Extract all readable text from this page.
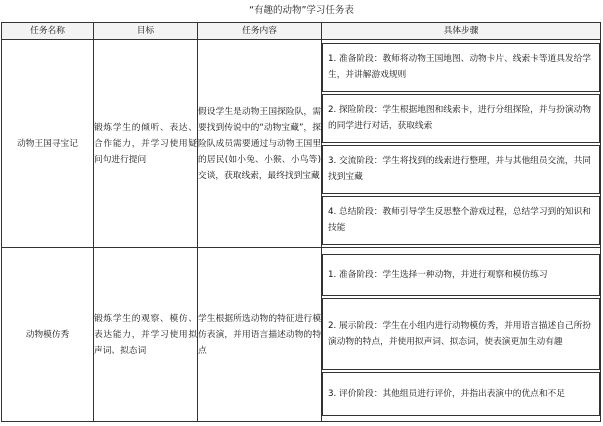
“有趣的动物”学习任务表
任务名称	目标	任务内容	具体步骤
动物王国寻宝记	锻炼学生的倾听、表达、合作能力，并学习使用疑问句进行提问	假设学生是动物王国探险队，需要找到传说中的“动物宝藏”，探险队成员需要通过与动物王国里的居民(如小兔、小猴、小鸟等)交谈，获取线索，最终找到宝藏	1. 准备阶段：教师将动物王国地图、动物卡片、线索卡等道具发给学生，并讲解游戏规则
2. 探险阶段：学生根据地图和线索卡，进行分组探险，并与扮演动物的同学进行对话，获取线索
3. 交流阶段：学生将找到的线索进行整理，并与其他组员交流，共同找到宝藏
4. 总结阶段：教师引导学生反思整个游戏过程，总结学习到的知识和技能

动物模仿秀	锻炼学生的观察、模仿、表达能力，并学习使用拟声词、拟态词	学生根据所选动物的特征进行模仿表演，并用语言描述动物的特点	1. 准备阶段：学生选择一种动物，并进行观察和模仿练习
2. 展示阶段：学生在小组内进行动物模仿秀，并用语言描述自己所扮演动物的特点，并使用拟声词、拟态词，使表演更加生动有趣
3. 评价阶段：其他组员进行评价，并指出表演中的优点和不足
